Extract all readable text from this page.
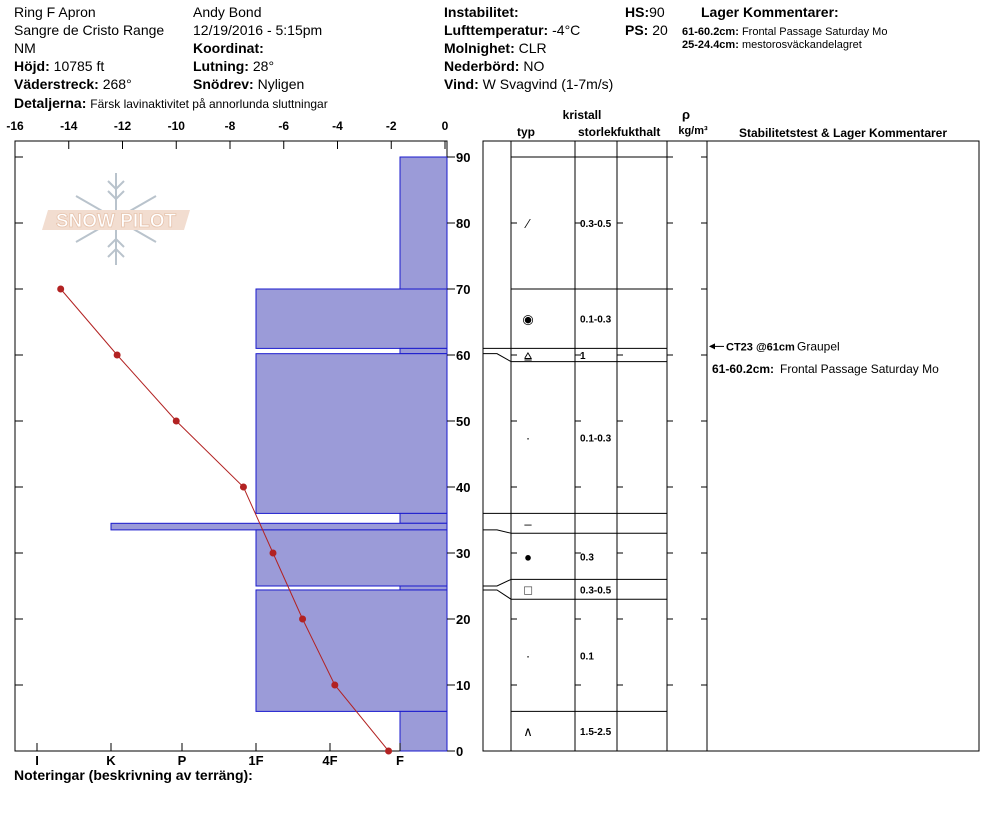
Ring F Apron
Sangre de Cristo Range
NM
Höjd: 10785 ft
Väderstreck: 268°
Detaljerna: Färsk lavinaktivitet på annorlunda sluttningar
Andy Bond
12/19/2016 - 5:15pm
Koordinat:
Lutning: 28°
Snödrev: Nyligen
Instabilitet:
Lufttemperatur: -4°C
Molnighet: CLR
Nederbörd: NO
Vind: W Svagvind (1-7m/s)
HS:90
PS: 20
Lager Kommentarer:
61-60.2cm: Frontal Passage Saturday Mo
25-24.4cm: mestorosväckandelagret
SNOW PILOT
-16	-14	-12	-10	-8	-6	-4	-2	0
0
10
20
30
40
50
60
70
80
90
I	K	P	1F	4F	F
⁄	0.3-0.5
◉	0.1-0.3
⩠	1
·	0.1-0.3
–
●	0.3
□	0.3-0.5
·	0.1
∧	1.5-2.5
kristall
typ	storlek fukthalt
ρ
kg/m³	Stabilitetstest & Lager Kommentarer
CT23 @61cm Graupel
61-60.2cm: Frontal Passage Saturday Mo
Noteringar (beskrivning av terräng):
